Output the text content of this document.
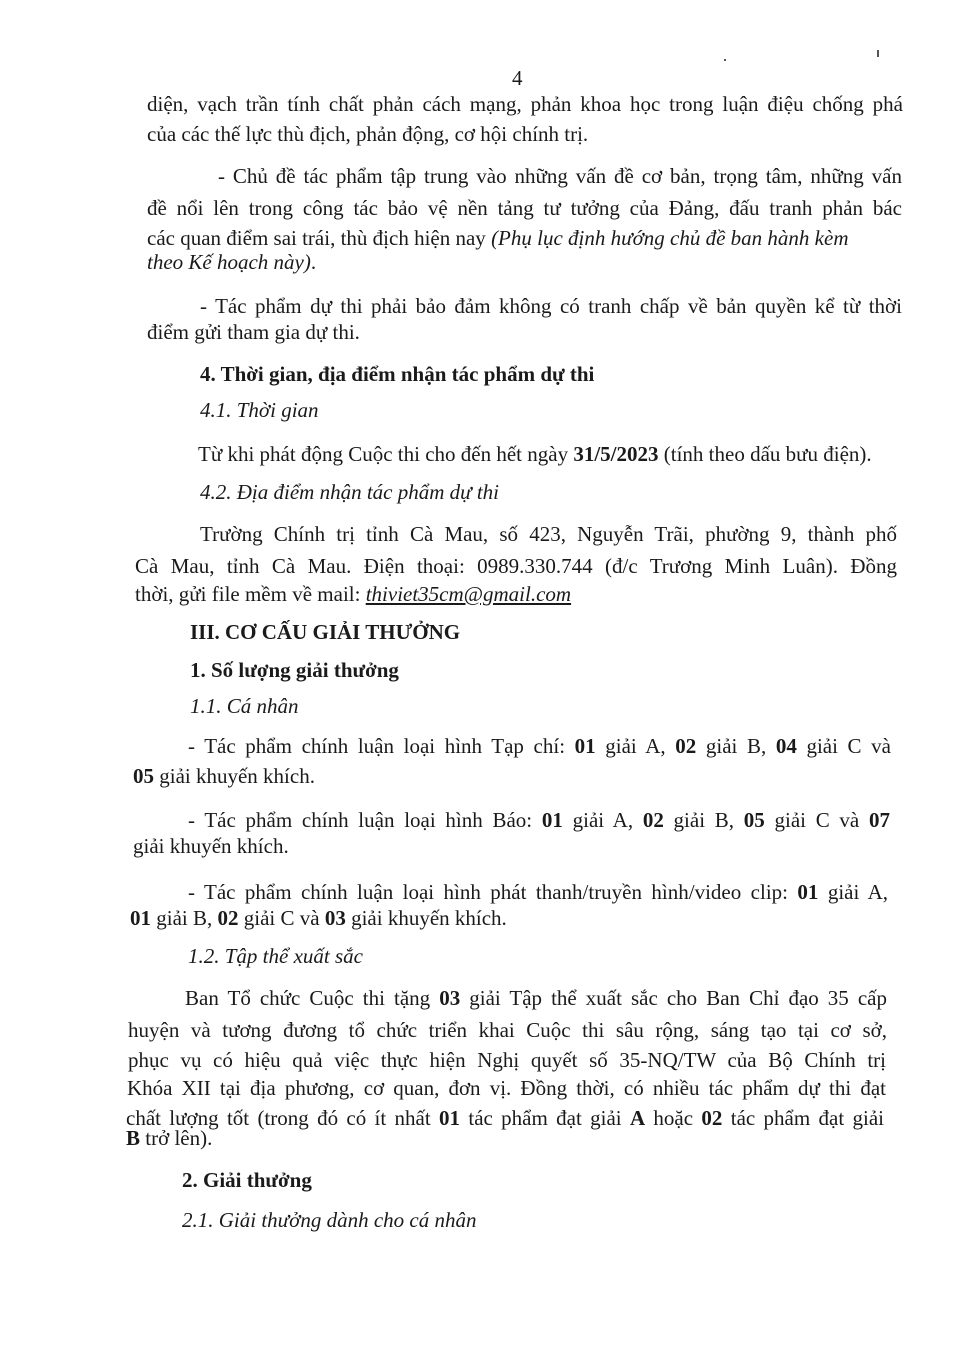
4
diện, vạch trần tính chất phản cách mạng, phản khoa học trong luận điệu chống phá
của các thế lực thù địch, phản động, cơ hội chính trị.
- Chủ đề tác phẩm tập trung vào những vấn đề cơ bản, trọng tâm, những vấn
đề nổi lên trong công tác bảo vệ nền tảng tư tưởng của Đảng, đấu tranh phản bác
các quan điểm sai trái, thù địch hiện nay (Phụ lục định hướng chủ đề ban hành kèm
theo Kế hoạch này).
- Tác phẩm dự thi phải bảo đảm không có tranh chấp về bản quyền kể từ thời
điểm gửi tham gia dự thi.
4. Thời gian, địa điểm nhận tác phẩm dự thi
4.1. Thời gian
Từ khi phát động Cuộc thi cho đến hết ngày 31/5/2023 (tính theo dấu bưu điện).
4.2. Địa điểm nhận tác phẩm dự thi
Trường Chính trị tỉnh Cà Mau, số 423, Nguyễn Trãi, phường 9, thành phố
Cà Mau, tỉnh Cà Mau. Điện thoại: 0989.330.744 (đ/c Trương Minh Luân). Đồng
thời, gửi file mềm về mail: thiviet35cm@gmail.com
III. CƠ CẤU GIẢI THƯỞNG
1. Số lượng giải thưởng
1.1. Cá nhân
- Tác phẩm chính luận loại hình Tạp chí: 01 giải A, 02 giải B, 04 giải C và
05 giải khuyến khích.
- Tác phẩm chính luận loại hình Báo: 01 giải A, 02 giải B, 05 giải C và 07
giải khuyến khích.
- Tác phẩm chính luận loại hình phát thanh/truyền hình/video clip: 01 giải A,
01 giải B, 02 giải C và 03 giải khuyến khích.
1.2. Tập thể xuất sắc
Ban Tổ chức Cuộc thi tặng 03 giải Tập thể xuất sắc cho Ban Chỉ đạo 35 cấp
huyện và tương đương tổ chức triển khai Cuộc thi sâu rộng, sáng tạo tại cơ sở,
phục vụ có hiệu quả việc thực hiện Nghị quyết số 35-NQ/TW của Bộ Chính trị
Khóa XII tại địa phương, cơ quan, đơn vị. Đồng thời, có nhiều tác phẩm dự thi đạt
chất lượng tốt (trong đó có ít nhất 01 tác phẩm đạt giải A hoặc 02 tác phẩm đạt giải
B trở lên).
2. Giải thưởng
2.1. Giải thưởng dành cho cá nhân
